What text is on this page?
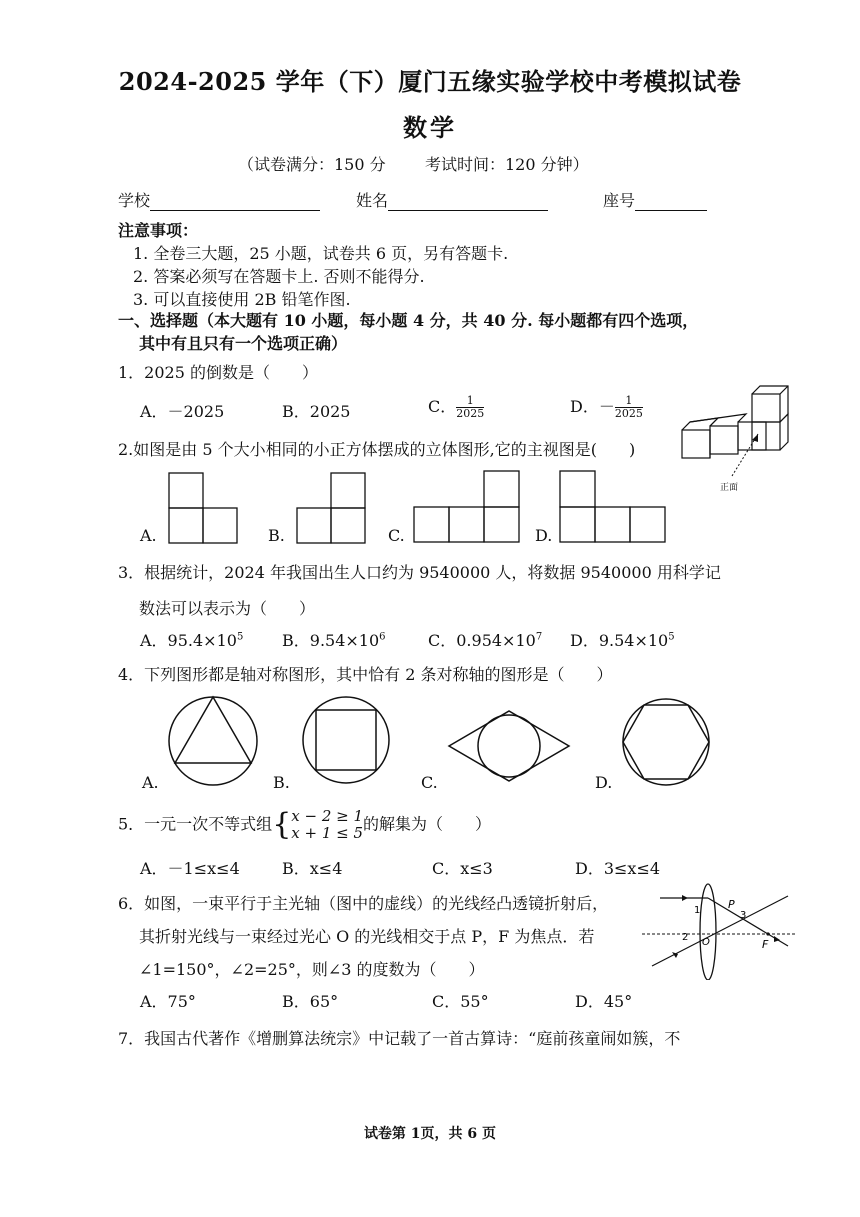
2024-2025 学年（下）厦门五缘实验学校中考模拟试卷
数学
（试卷满分：150 分 考试时间：120 分钟）
学校	姓名	座号
注意事项：
1. 全卷三大题，25 小题，试卷共 6 页，另有答题卡.
2. 答案必须写在答题卡上. 否则不能得分.
3. 可以直接使用 2B 铅笔作图.
一、选择题（本大题有 10 小题，每小题 4 分，共 40 分. 每小题都有四个选项，
其中有且只有一个选项正确）
1．2025 的倒数是（　　）
A．－2025	B．2025	C． $\frac{1}{2025}$	D．－ $\frac{1}{2025}$
正面
2.如图是由 5 个大小相同的小正方体摆成的立体图形,它的主视图是(　　)
A.	B.	C.	D.
3．根据统计，2024 年我国出生人口约为 9540000 人，将数据 9540000 用科学记
数法可以表示为（　　）
A．$95.4\times 10^5$ B．$9.54\times 10^6$	C．$0.954\times 10^7$ D．$9.54\times 10^5$
4．下列图形都是轴对称图形，其中恰有 2 条对称轴的图形是（　　）
A.	B.	C.	D.
5．一元一次不等式组{ x − 2 ≥ 1
x + 1 ≤ 5 的解集为（　　）
A．－1≤x≤4	B．x≤4	C．x≤3	D．3≤x≤4
6．如图，一束平行于主光轴（图中的虚线）的光线经凸透镜折射后，
其折射光线与一束经过光心 O 的光线相交于点 P，F 为焦点．若
∠1=150°，∠2=25°，则∠3 的度数为（　　）
1
2
3
O
P
F
A．75°	B．65°	C．55°	D．45°
7．我国古代著作《增删算法统宗》中记载了一首古算诗：“庭前孩童闹如簇，不
试卷第 1页，共 6 页
